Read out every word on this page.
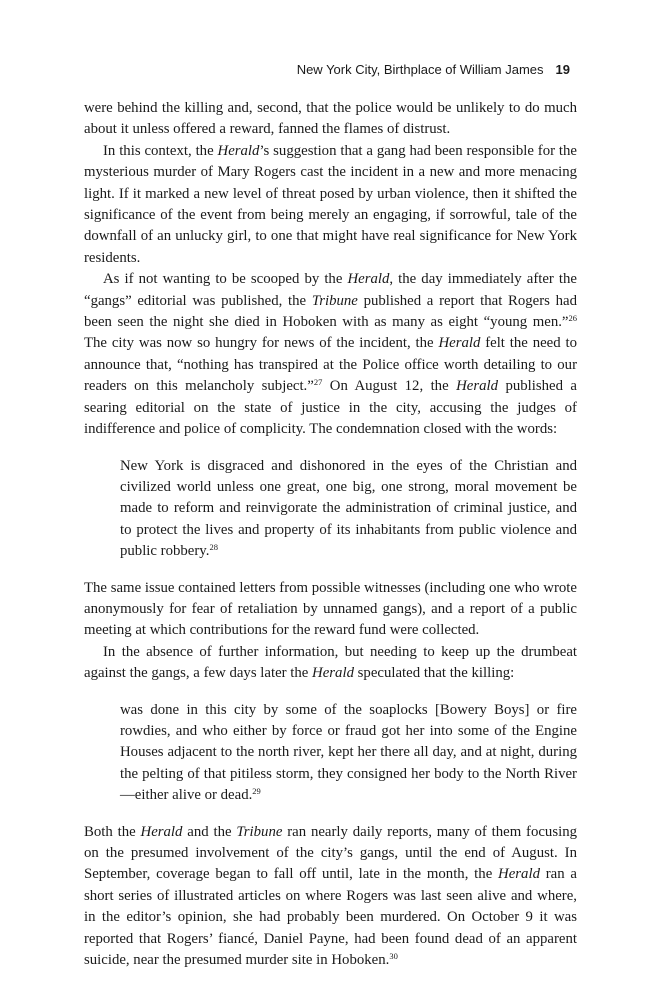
New York City, Birthplace of William James 19

were behind the killing and, second, that the police would be unlikely to do much about it unless offered a reward, fanned the flames of distrust.

In this context, the Herald’s suggestion that a gang had been responsible for the mysterious murder of Mary Rogers cast the incident in a new and more menacing light. If it marked a new level of threat posed by urban violence, then it shifted the significance of the event from being merely an engaging, if sorrowful, tale of the downfall of an unlucky girl, to one that might have real significance for New York residents.

As if not wanting to be scooped by the Herald, the day immediately after the “gangs” editorial was published, the Tribune published a report that Rogers had been seen the night she died in Hoboken with as many as eight “young men.”$^{26}$ The city was now so hungry for news of the incident, the Herald felt the need to announce that, “nothing has transpired at the Police office worth detailing to our readers on this melancholy subject.”$^{27}$ On August 12, the Herald published a searing editorial on the state of justice in the city, accusing the judges of indifference and police of complicity. The condemnation closed with the words:

New York is disgraced and dishonored in the eyes of the Christian and civilized world unless one great, one big, one strong, moral movement be made to reform and reinvigorate the administration of criminal justice, and to protect the lives and property of its inhabitants from public violence and public robbery.$^{28}$

The same issue contained letters from possible witnesses (including one who wrote anonymously for fear of retaliation by unnamed gangs), and a report of a public meeting at which contributions for the reward fund were collected.

In the absence of further information, but needing to keep up the drumbeat against the gangs, a few days later the Herald speculated that the killing:

was done in this city by some of the soaplocks [Bowery Boys] or fire rowdies, and who either by force or fraud got her into some of the Engine Houses adjacent to the north river, kept her there all day, and at night, during the pelting of that pitiless storm, they consigned her body to the North River—either alive or dead.$^{29}$

Both the Herald and the Tribune ran nearly daily reports, many of them focusing on the presumed involvement of the city’s gangs, until the end of August. In September, coverage began to fall off until, late in the month, the Herald ran a short series of illustrated articles on where Rogers was last seen alive and where, in the editor’s opinion, she had probably been murdered. On October 9 it was reported that Rogers’ fiancé, Daniel Payne, had been found dead of an apparent suicide, near the presumed murder site in Hoboken.$^{30}$
